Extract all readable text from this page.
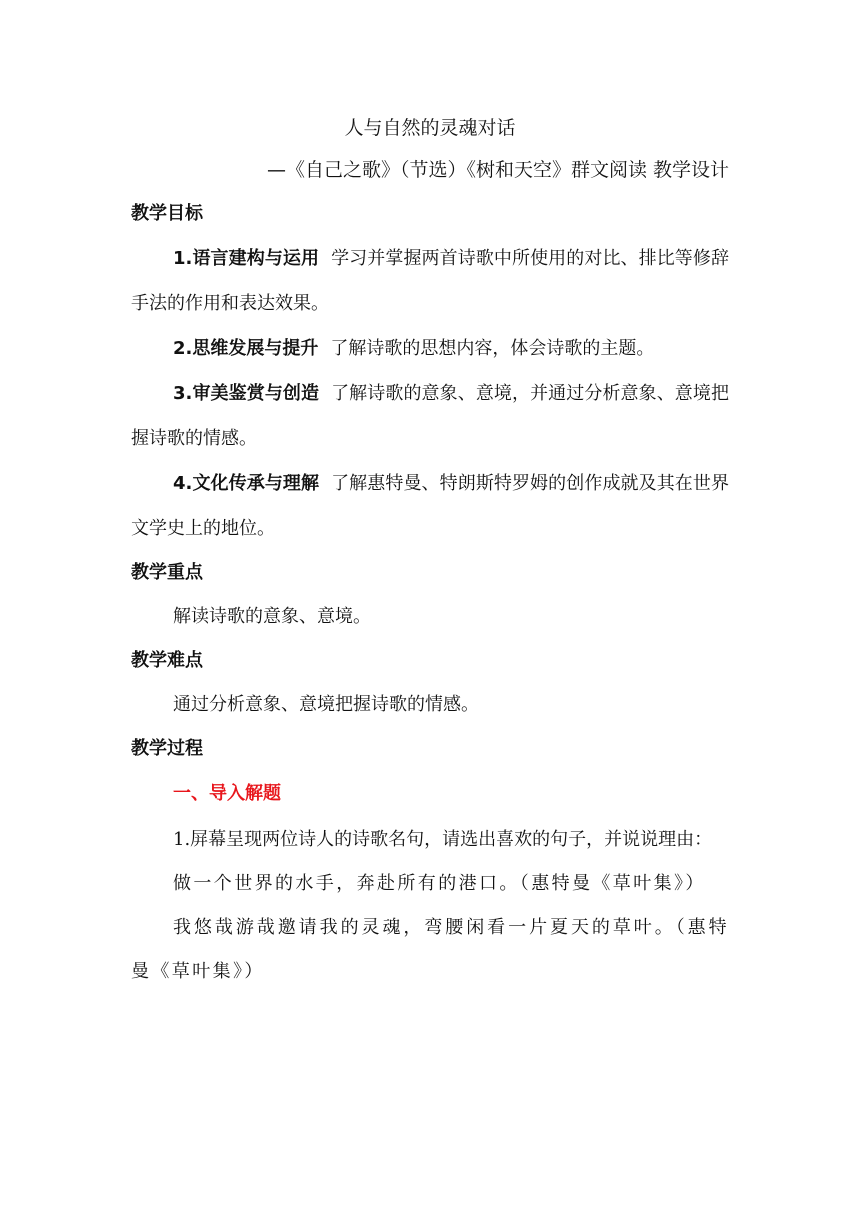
人与自然的灵魂对话
—《自己之歌》（节选）《树和天空》群文阅读 教学设计

教学目标

1.语言建构与运用 学习并掌握两首诗歌中所使用的对比、排比等修辞手法的作用和表达效果。

2.思维发展与提升 了解诗歌的思想内容，体会诗歌的主题。

3.审美鉴赏与创造 了解诗歌的意象、意境，并通过分析意象、意境把握诗歌的情感。

4.文化传承与理解 了解惠特曼、特朗斯特罗姆的创作成就及其在世界文学史上的地位。

教学重点

解读诗歌的意象、意境。

教学难点

通过分析意象、意境把握诗歌的情感。

教学过程

一、导入解题

1.屏幕呈现两位诗人的诗歌名句，请选出喜欢的句子，并说说理由：

做一个世界的水手，奔赴所有的港口。（惠特曼《草叶集》）

我悠哉游哉邀请我的灵魂，弯腰闲看一片夏天的草叶。（惠特曼《草叶集》）
